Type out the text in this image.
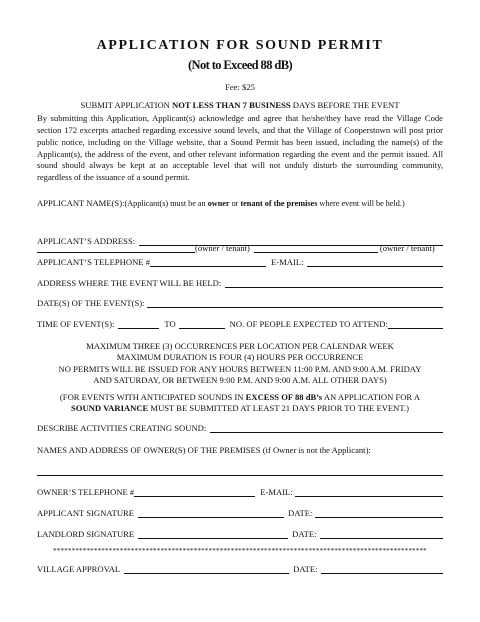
APPLICATION FOR SOUND PERMIT
(Not to Exceed 88 dB)
Fee: $25
SUBMIT APPLICATION NOT LESS THAN 7 BUSINESS DAYS BEFORE THE EVENT
By submitting this Application, Applicant(s) acknowledge and agree that he/she/they have read the Village Code section 172 excerpts attached regarding excessive sound levels, and that the Village of Cooperstown will post prior public notice, including on the Village website, that a Sound Permit has been issued, including the name(s) of the Applicant(s), the address of the event, and other relevant information regarding the event and the permit issued. All sound should always be kept at an acceptable level that will not unduly disturb the surrounding community, regardless of the issuance of a sound permit.
APPLICANT NAME(S): (Applicant(s) must be an owner or tenant of the premises where event will be held.)
(owner / tenant)	(owner / tenant)
APPLICANT’S ADDRESS:
APPLICANT’S TELEPHONE #	E-MAIL:
ADDRESS WHERE THE EVENT WILL BE HELD:
DATE(S) OF THE EVENT(S):
TIME OF EVENT(S):	TO	NO. OF PEOPLE EXPECTED TO ATTEND:
MAXIMUM THREE (3) OCCURRENCES PER LOCATION PER CALENDAR WEEK
MAXIMUM DURATION IS FOUR (4) HOURS PER OCCURRENCE
NO PERMITS WILL BE ISSUED FOR ANY HOURS BETWEEN 11:00 P.M. AND 9:00 A.M. FRIDAY
AND SATURDAY, OR BETWEEN 9:00 P.M. AND 9:00 A.M. ALL OTHER DAYS)
(FOR EVENTS WITH ANTICIPATED SOUNDS IN EXCESS OF 88 dB’s AN APPLICATION FOR A
SOUND VARIANCE MUST BE SUBMITTED AT LEAST 21 DAYS PRIOR TO THE EVENT.)
DESCRIBE ACTIVITIES CREATING SOUND:
NAMES AND ADDRESS OF OWNER(S) OF THE PREMISES (if Owner is not the Applicant):
OWNER’S TELEPHONE #	E-MAIL:
APPLICANT SIGNATURE	DATE:
LANDLORD SIGNATURE	DATE:
*****************************************************************************************************
VILLAGE APPROVAL	DATE:
